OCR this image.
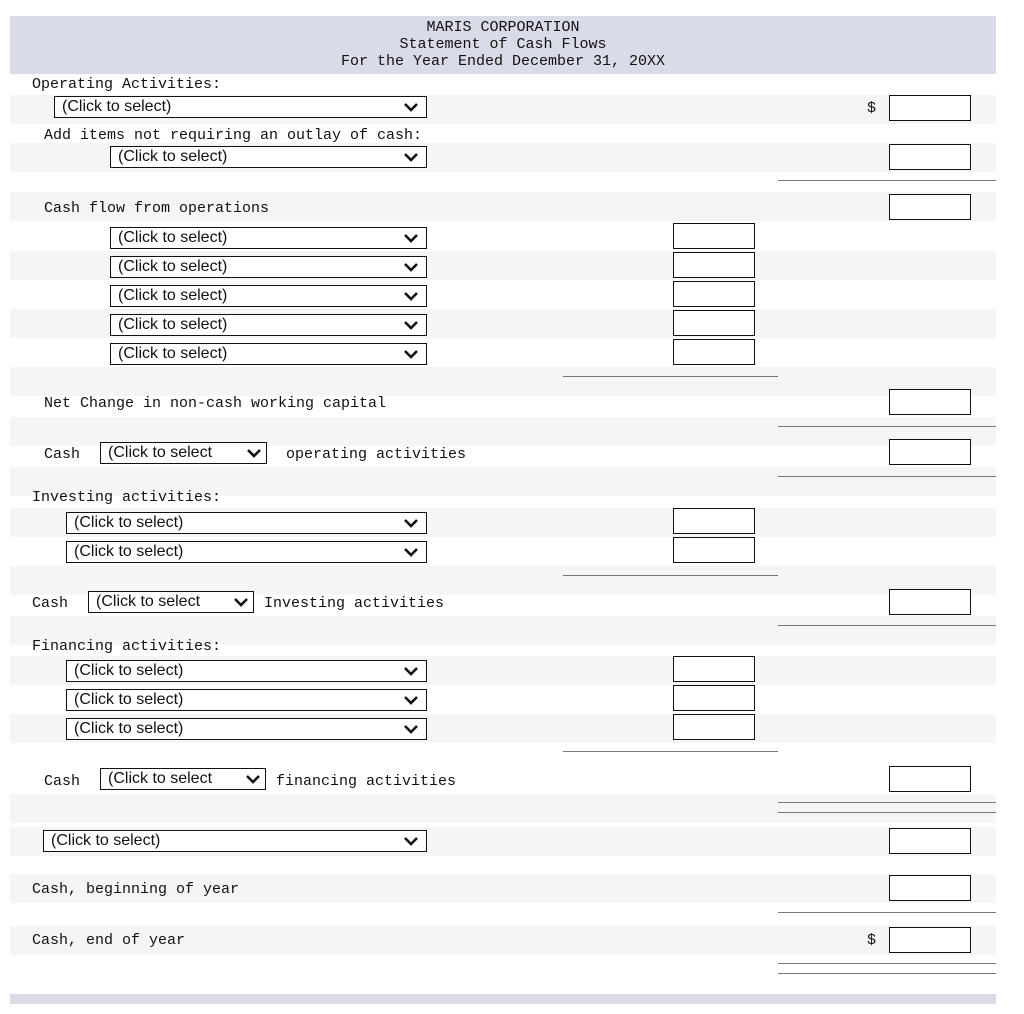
MARIS CORPORATION
Statement of Cash Flows
For the Year Ended December 31, 20XX
Operating Activities:
(Click to select)	$
Add items not requiring an outlay of cash:
(Click to select)
Cash flow from operations
(Click to select)
(Click to select)
(Click to select)
(Click to select)
(Click to select)
Net Change in non-cash working capital
Cash	(Click to select	operating activities
Investing activities:
(Click to select)
(Click to select)
Cash	(Click to select	Investing activities
Financing activities:
(Click to select)
(Click to select)
(Click to select)
Cash	(Click to select	financing activities
(Click to select)
Cash, beginning of year
Cash, end of year	$
